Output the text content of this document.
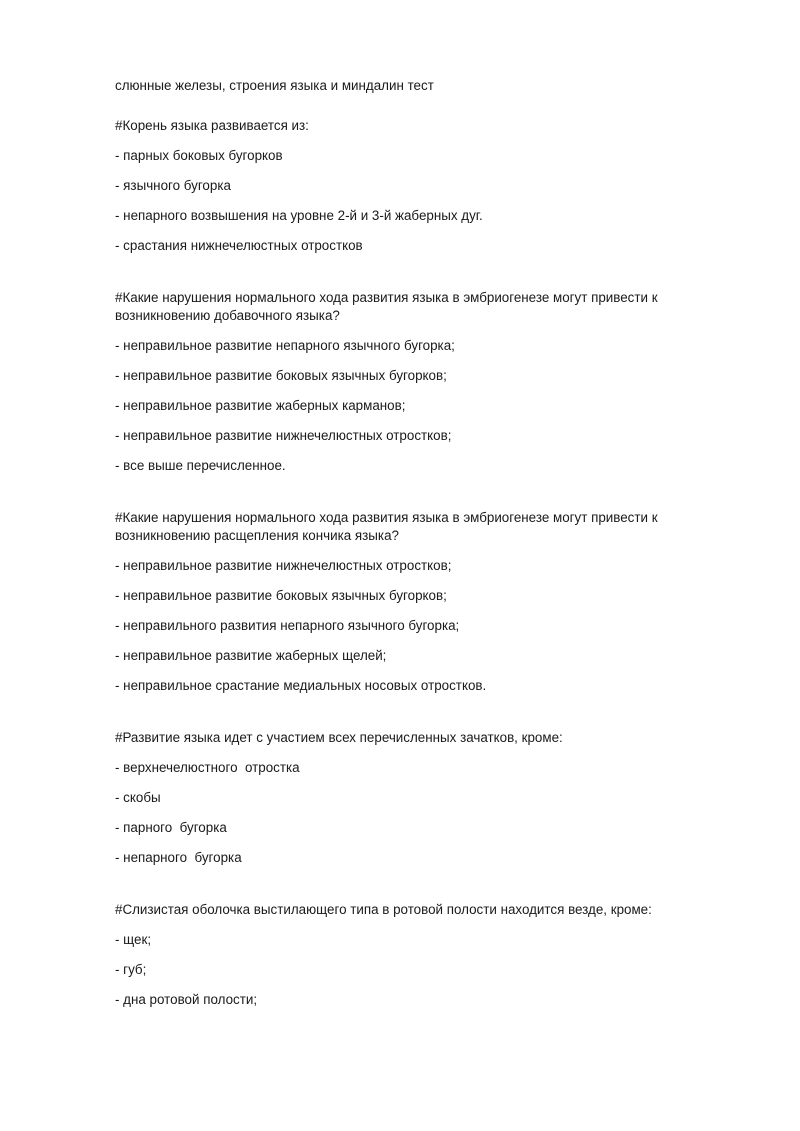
слюнные железы, строения языка и миндалин тест
#Корень языка развивается из:
- парных боковых бугорков
- язычного бугорка
- непарного возвышения на уровне 2-й и 3-й жаберных дуг.
- срастания нижнечелюстных отростков
#Какие нарушения нормального хода развития языка в эмбриогенезе могут привести к возникновению добавочного языка?
- неправильное развитие непарного язычного бугорка;
- неправильное развитие боковых язычных бугорков;
- неправильное развитие жаберных карманов;
- неправильное развитие нижнечелюстных отростков;
- все выше перечисленное.
#Какие нарушения нормального хода развития языка в эмбриогенезе могут привести к возникновению расщепления кончика языка?
- неправильное развитие нижнечелюстных отростков;
- неправильное развитие боковых язычных бугорков;
- неправильного развития непарного язычного бугорка;
- неправильное развитие жаберных щелей;
- неправильное срастание медиальных носовых отростков.
#Развитие языка идет с участием всех перечисленных зачатков, кроме:
- верхнечелюстного  отростка
- скобы
- парного  бугорка
- непарного  бугорка
#Слизистая оболочка выстилающего типа в ротовой полости находится везде, кроме:
- щек;
- губ;
- дна ротовой полости;
